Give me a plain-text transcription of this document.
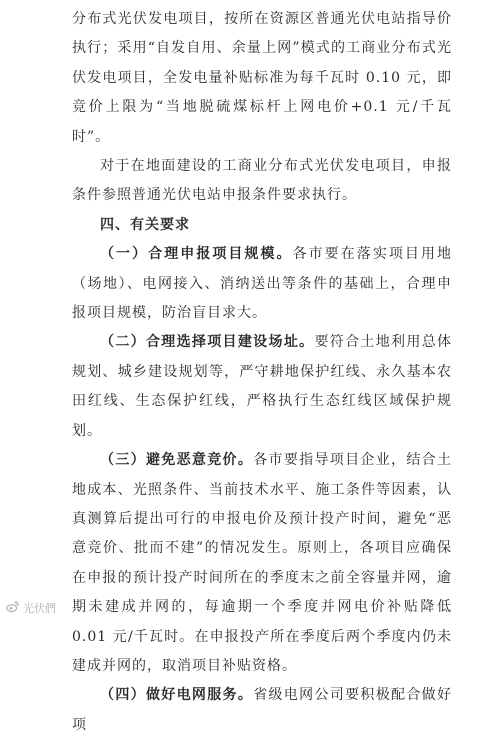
分布式光伏发电项目，按所在资源区普通光伏电站指导价执行；采用“自发自用、余量上网”模式的工商业分布式光伏发电项目，全发电量补贴标准为每千瓦时 0.10 元，即竞价上限为“当地脱硫煤标杆上网电价+0.1 元/千瓦时”。

对于在地面建设的工商业分布式光伏发电项目，申报条件参照普通光伏电站申报条件要求执行。

四、有关要求

（一）合理申报项目规模。各市要在落实项目用地（场地）、电网接入、消纳送出等条件的基础上，合理申报项目规模，防治盲目求大。

（二）合理选择项目建设场址。要符合土地利用总体规划、城乡建设规划等，严守耕地保护红线、永久基本农田红线、生态保护红线，严格执行生态红线区域保护规划。

（三）避免恶意竞价。各市要指导项目企业，结合土地成本、光照条件、当前技术水平、施工条件等因素，认真测算后提出可行的申报电价及预计投产时间，避免“恶意竞价、批而不建”的情况发生。原则上，各项目应确保在申报的预计投产时间所在的季度末之前全容量并网，逾期未建成并网的，每逾期一个季度并网电价补贴降低 0.01 元/千瓦时。在申报投产所在季度后两个季度内仍未建成并网的，取消项目补贴资格。

（四）做好电网服务。省级电网公司要积极配合做好项

光伏們
